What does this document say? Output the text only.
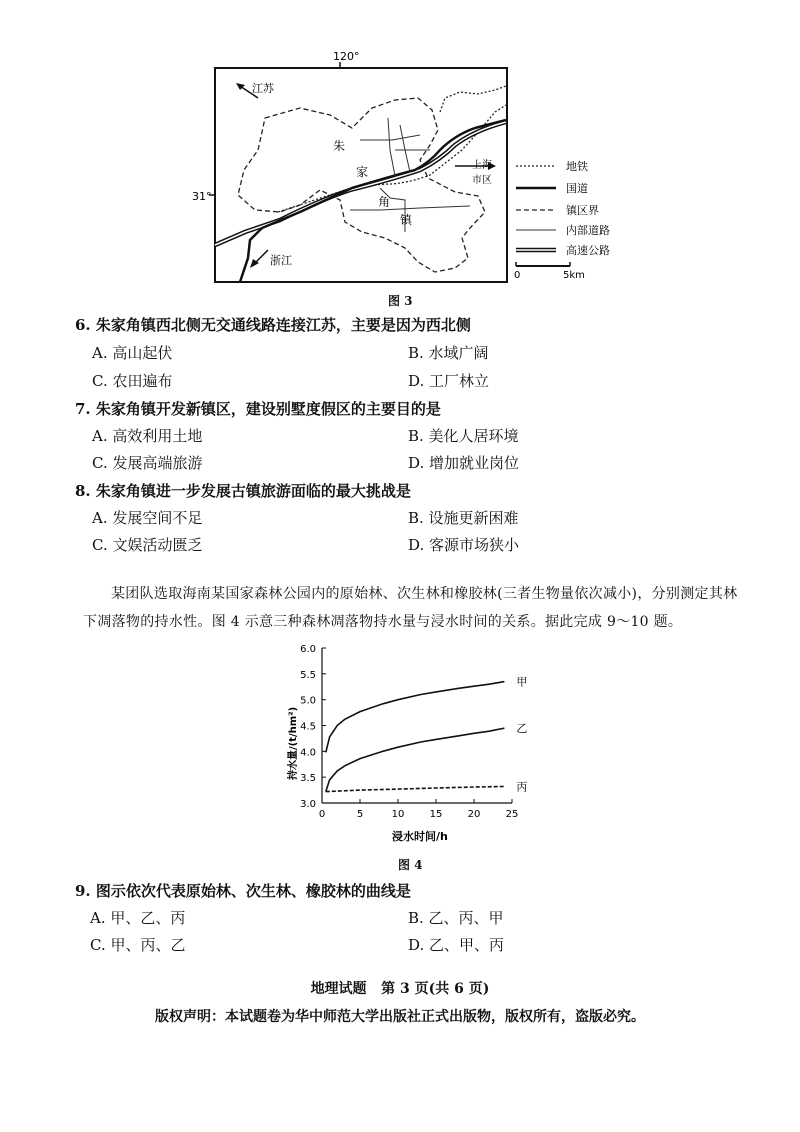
120°
31°
江苏
浙江
上海
市区
朱
家
角
镇
地铁
国道
镇区界
内部道路
高速公路
0	5km
图 3
6. 朱家角镇西北侧无交通线路连接江苏，主要是因为西北侧
A. 高山起伏	B. 水域广阔
C. 农田遍布	D. 工厂林立
7. 朱家角镇开发新镇区，建设别墅度假区的主要目的是
A. 高效利用土地	B. 美化人居环境
C. 发展高端旅游	D. 增加就业岗位
8. 朱家角镇进一步发展古镇旅游面临的最大挑战是
A. 发展空间不足	B. 设施更新困难
C. 文娱活动匮乏	D. 客源市场狭小
某团队选取海南某国家森林公园内的原始林、次生林和橡胶林(三者生物量依次减小)，分别测定其林下凋落物的持水性。图 4 示意三种森林凋落物持水量与浸水时间的关系。据此完成 9～10 题。
3.0
3.5
4.0
4.5
5.0
5.5
6.0
0	5	10	15	20	25
甲
乙
丙
浸水时间/h
持水量/(t/hm²)
图 4
9. 图示依次代表原始林、次生林、橡胶林的曲线是
A. 甲、乙、丙	B. 乙、丙、甲
C. 甲、丙、乙	D. 乙、甲、丙
地理试题   第 3 页(共 6 页)
版权声明：本试题卷为华中师范大学出版社正式出版物，版权所有，盗版必究。
